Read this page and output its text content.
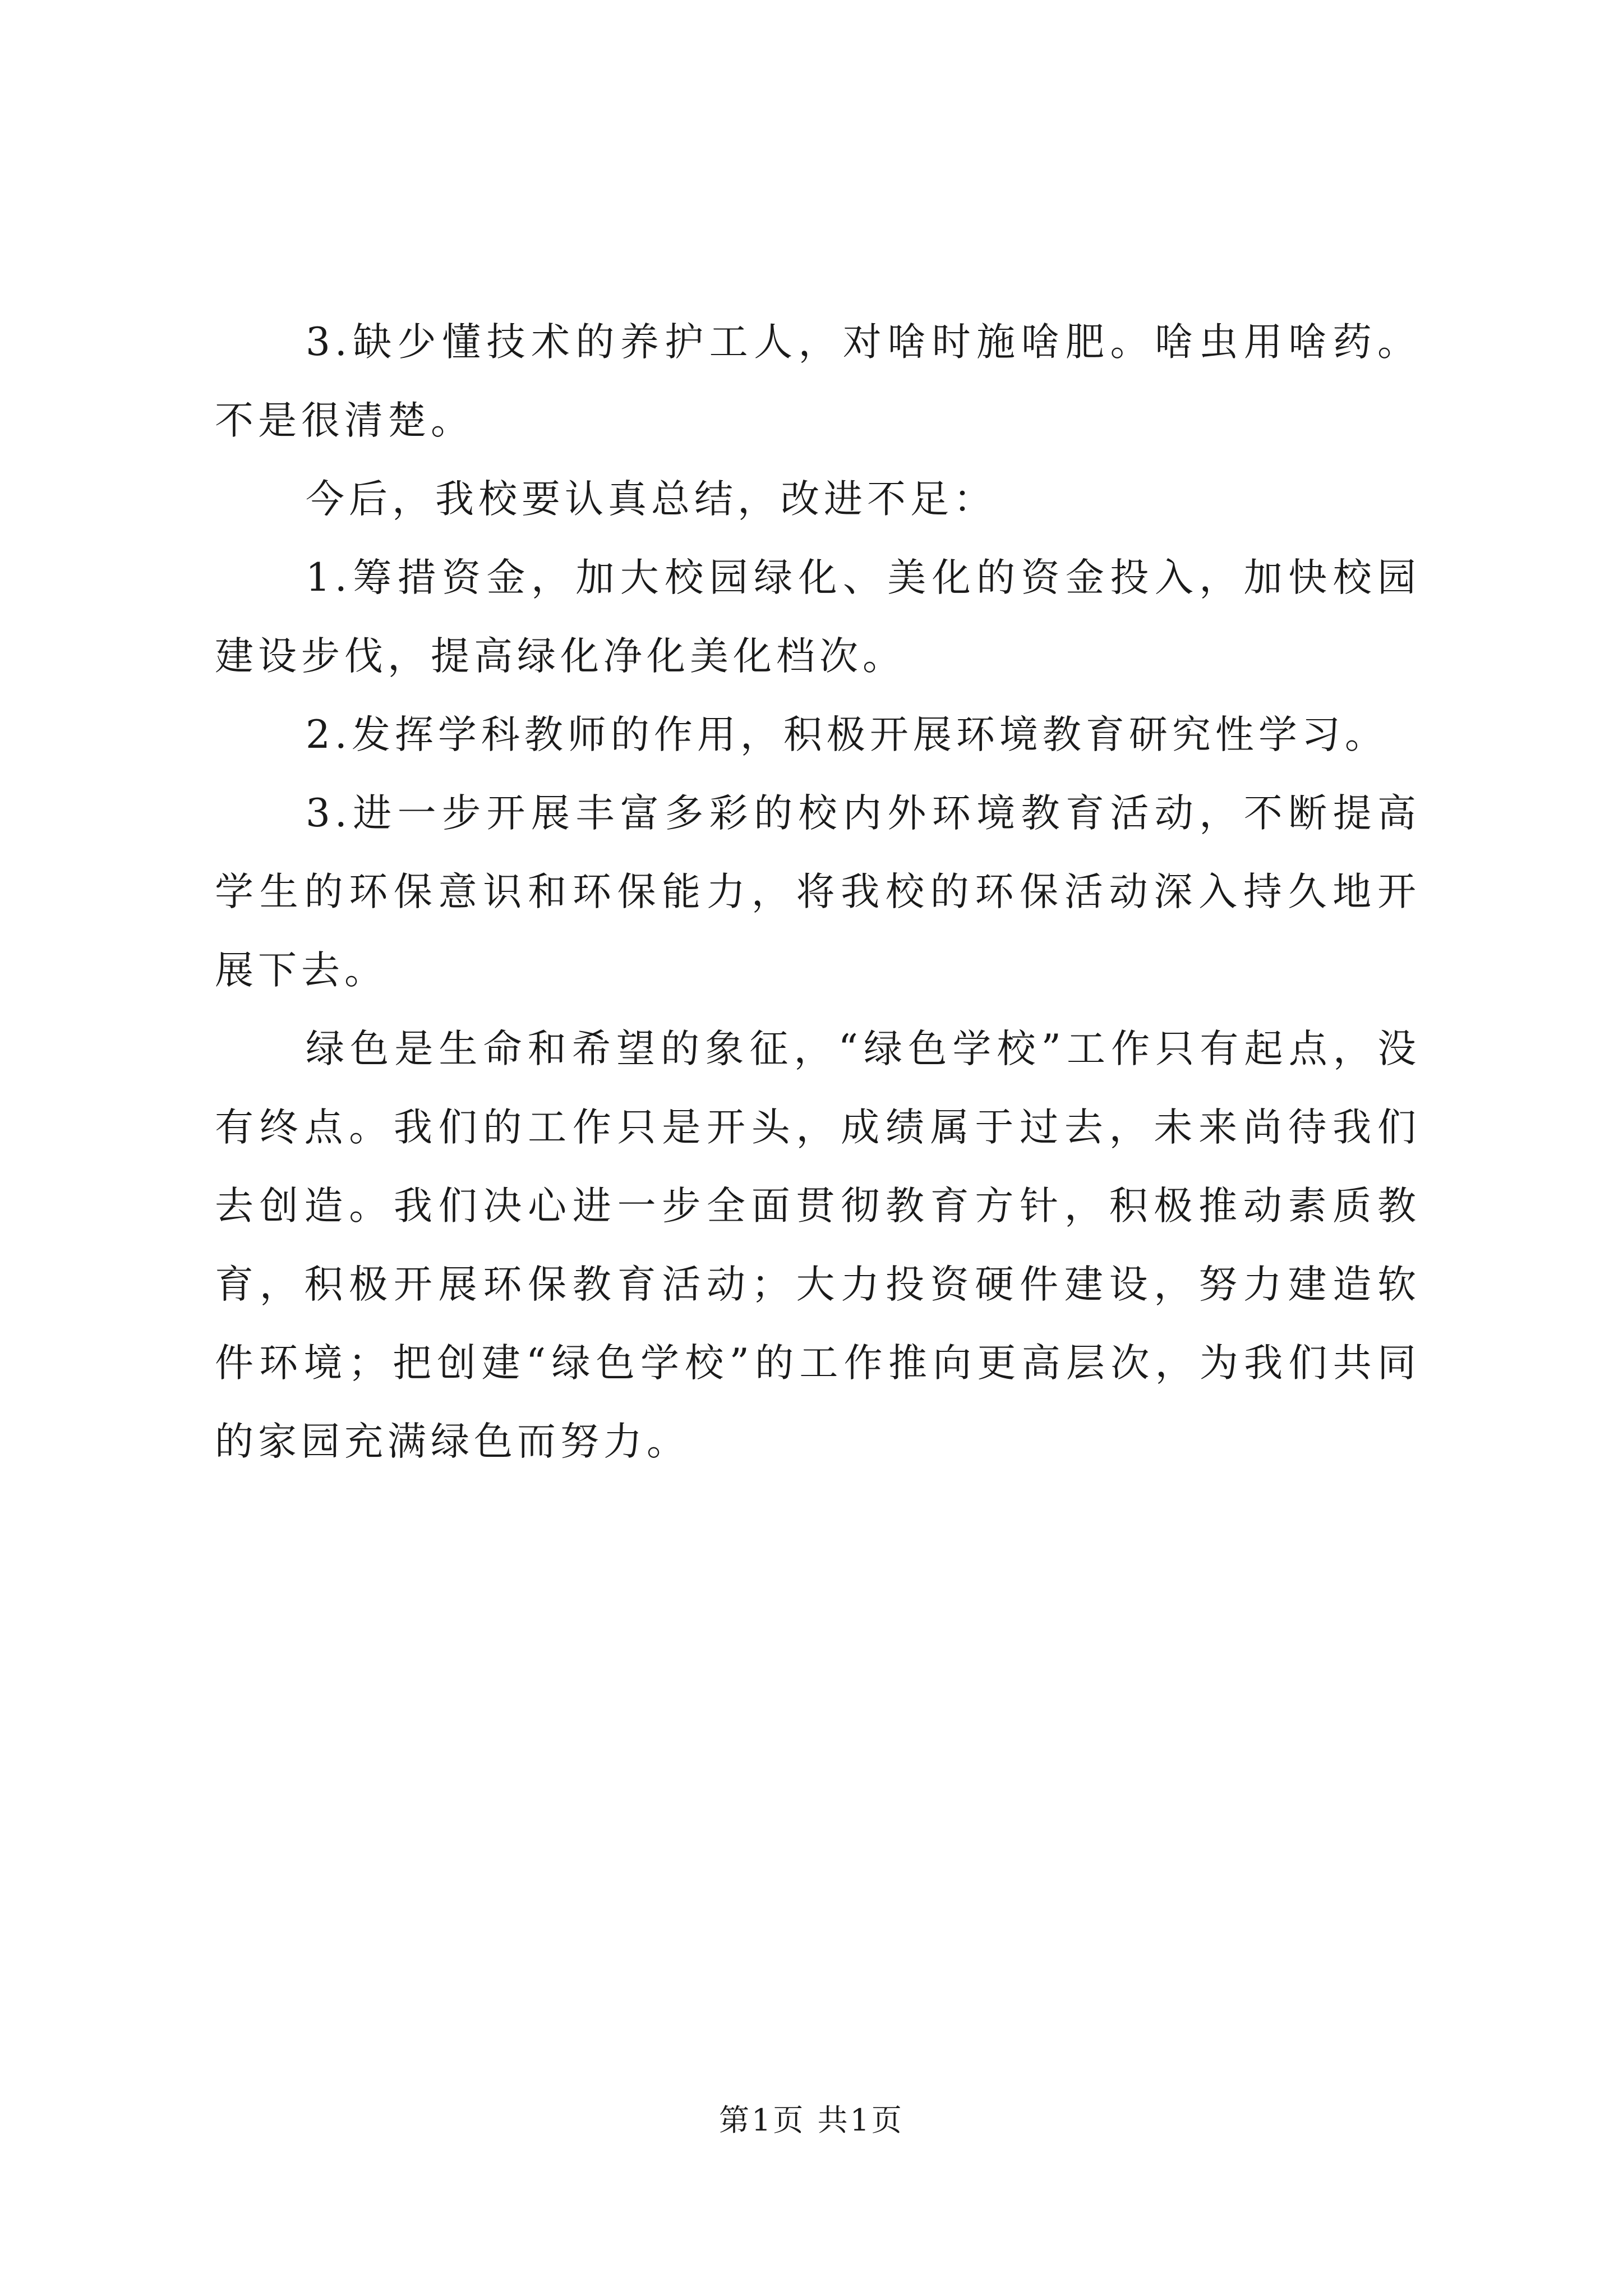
3.缺少懂技术的养护工人，对啥时施啥肥。啥虫用啥药。不是很清楚。

今后，我校要认真总结，改进不足：

1.筹措资金，加大校园绿化、美化的资金投入，加快校园建设步伐，提高绿化净化美化档次。

2.发挥学科教师的作用，积极开展环境教育研究性学习。

3.进一步开展丰富多彩的校内外环境教育活动，不断提高学生的环保意识和环保能力，将我校的环保活动深入持久地开展下去。

绿色是生命和希望的象征，“绿色学校”工作只有起点，没有终点。我们的工作只是开头，成绩属于过去，未来尚待我们去创造。我们决心进一步全面贯彻教育方针，积极推动素质教育，积极开展环保教育活动；大力投资硬件建设，努力建造软件环境；把创建“绿色学校”的工作推向更高层次，为我们共同的家园充满绿色而努力。

第1页 共1页
